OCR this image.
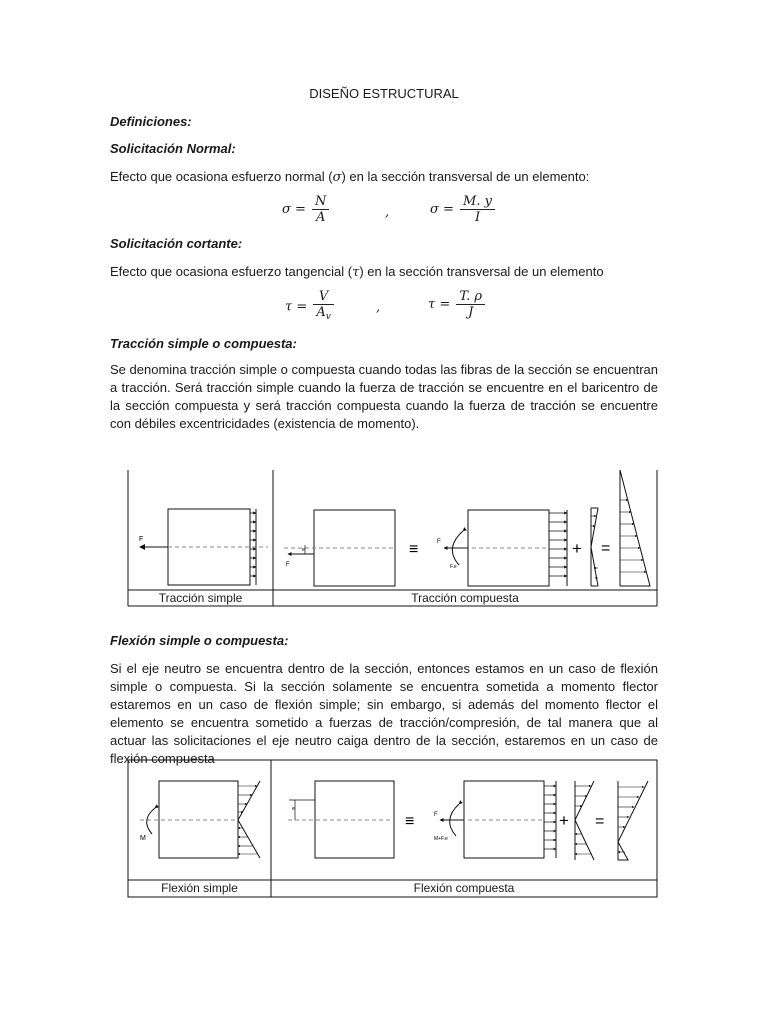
DISEÑO ESTRUCTURAL
Definiciones:
Solicitación Normal:
Efecto que ocasiona esfuerzo normal (σ) en la sección transversal de un elemento:
$\sigma = \frac{N}{A}$	,	$\sigma = \frac{M. y}{I}$
Solicitación cortante:
Efecto que ocasiona esfuerzo tangencial (τ) en la sección transversal de un elemento
$\tau = \frac{V}{A_v}$	,	$\tau = \frac{T. \rho}{J}$
Tracción simple o compuesta:
Se denomina tracción simple o compuesta cuando todas las fibras de la sección se encuentran a tracción. Será tracción simple cuando la fuerza de tracción se encuentre en el baricentro de la sección compuesta y será tracción compuesta cuando la fuerza de tracción se encuentre con débiles excentricidades (existencia de momento).
F
e
F
≡	F
F.e
+ =
Tracción simple	Tracción compuesta
Flexión simple o compuesta:
Si el eje neutro se encuentra dentro de la sección, entonces estamos en un caso de flexión simple o compuesta. Si la sección solamente se encuentra sometida a momento flector estaremos en un caso de flexión simple; sin embargo, si además del momento flector el elemento se encuentra sometido a fuerzas de tracción/compresión, de tal manera que al actuar las solicitaciones el eje neutro caiga dentro de la sección, estaremos en un caso de flexión compuesta
M
e
≡	F
M+F.e
+ =
Flexión simple	Flexión compuesta
